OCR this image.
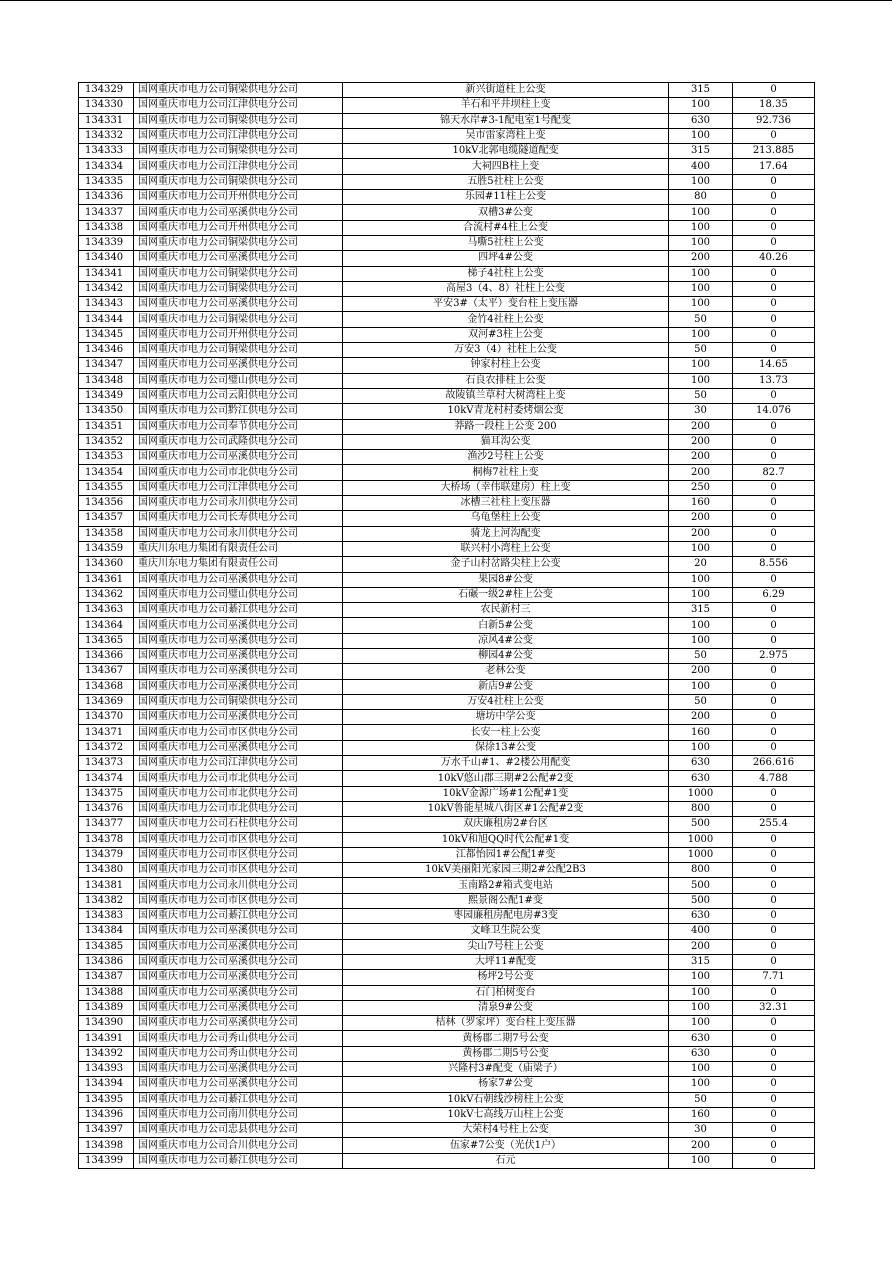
134329	国网重庆市电力公司铜梁供电分公司	新兴街道柱上公变	315	0
134330	国网重庆市电力公司江津供电分公司	羊石和平井坝柱上变	100	18.35
134331	国网重庆市电力公司铜梁供电分公司	锦天水岸#3-1配电室1号配变	630	92.736
134332	国网重庆市电力公司江津供电分公司	吴市雷家湾柱上变	100	0
134333	国网重庆市电力公司铜梁供电分公司	10kV北郭电缆隧道配变	315	213.885
134334	国网重庆市电力公司江津供电分公司	大祠四B柱上变	400	17.64
134335	国网重庆市电力公司铜梁供电分公司	五胜5社柱上公变	100	0
134336	国网重庆市电力公司开州供电分公司	乐园#11柱上公变	80	0
134337	国网重庆市电力公司巫溪供电分公司	双槽3#公变	100	0
134338	国网重庆市电力公司开州供电分公司	合流村#4柱上公变	100	0
134339	国网重庆市电力公司铜梁供电分公司	马嘶5社柱上公变	100	0
134340	国网重庆市电力公司巫溪供电分公司	四坪4#公变	200	40.26
134341	国网重庆市电力公司铜梁供电分公司	梯子4社柱上公变	100	0
134342	国网重庆市电力公司铜梁供电分公司	高屋3（4、8）社柱上公变	100	0
134343	国网重庆市电力公司巫溪供电分公司	平安3#（太平）变台柱上变压器	100	0
134344	国网重庆市电力公司铜梁供电分公司	金竹4社柱上公变	50	0
134345	国网重庆市电力公司开州供电分公司	双河#3柱上公变	100	0
134346	国网重庆市电力公司铜梁供电分公司	万安3（4）社柱上公变	50	0
134347	国网重庆市电力公司巫溪供电分公司	钟家村柱上公变	100	14.65
134348	国网重庆市电力公司璧山供电分公司	石良农排柱上公变	100	13.73
134349	国网重庆市电力公司云阳供电分公司	故陵镇兰草村大树湾柱上变	50	0
134350	国网重庆市电力公司黔江供电分公司	10kV青龙村村委烤烟公变	30	14.076
134351	国网重庆市电力公司奉节供电分公司	莽路一段柱上公变 200	200	0
134352	国网重庆市电力公司武隆供电分公司	猫耳沟公变	200	0
134353	国网重庆市电力公司巫溪供电分公司	渔沙2号柱上公变	200	0
134354	国网重庆市电力公司市北供电分公司	桐梅7社柱上变	200	82.7
134355	国网重庆市电力公司江津供电分公司	大桥场（幸伟联建房）柱上变	250	0
134356	国网重庆市电力公司永川供电分公司	冰槽三社柱上变压器	160	0
134357	国网重庆市电力公司长寿供电分公司	乌龟堡柱上公变	200	0
134358	国网重庆市电力公司永川供电分公司	骑龙上河沟配变	200	0
134359	重庆川东电力集团有限责任公司	联兴村小湾柱上公变	100	0
134360	重庆川东电力集团有限责任公司	金子山村岔路尖柱上公变	20	8.556
134361	国网重庆市电力公司巫溪供电分公司	果园8#公变	100	0
134362	国网重庆市电力公司璧山供电分公司	石碾一级2#柱上公变	100	6.29
134363	国网重庆市电力公司綦江供电分公司	农民新村三	315	0
134364	国网重庆市电力公司巫溪供电分公司	白新5#公变	100	0
134365	国网重庆市电力公司巫溪供电分公司	凉风4#公变	100	0
134366	国网重庆市电力公司巫溪供电分公司	柳园4#公变	50	2.975
134367	国网重庆市电力公司巫溪供电分公司	老林公变	200	0
134368	国网重庆市电力公司巫溪供电分公司	新店9#公变	100	0
134369	国网重庆市电力公司铜梁供电分公司	万安4社柱上公变	50	0
134370	国网重庆市电力公司巫溪供电分公司	塘坊中学公变	200	0
134371	国网重庆市电力公司市区供电分公司	长安一柱上公变	160	0
134372	国网重庆市电力公司巫溪供电分公司	保徐13#公变	100	0
134373	国网重庆市电力公司江津供电分公司	万水千山#1、#2楼公用配变	630	266.616
134374	国网重庆市电力公司市北供电分公司	10kV悠山郡三期#2公配#2变	630	4.788
134375	国网重庆市电力公司市北供电分公司	10kV金源广场#1公配#1变	1000	0
134376	国网重庆市电力公司市北供电分公司	10kV鲁能星城八街区#1公配#2变	800	0
134377	国网重庆市电力公司石柱供电分公司	双庆廉租房2#台区	500	255.4
134378	国网重庆市电力公司市区供电分公司	10kV和旭QQ时代公配#1变	1000	0
134379	国网重庆市电力公司市区供电分公司	江都怡园1#公配1#变	1000	0
134380	国网重庆市电力公司市区供电分公司	10kV美丽阳光家园三期2#公配2B3	800	0
134381	国网重庆市电力公司永川供电分公司	玉南路2#箱式变电站	500	0
134382	国网重庆市电力公司市区供电分公司	熙景阁公配1#变	500	0
134383	国网重庆市电力公司綦江供电分公司	枣园廉租房配电房#3变	630	0
134384	国网重庆市电力公司巫溪供电分公司	文峰卫生院公变	400	0
134385	国网重庆市电力公司巫溪供电分公司	尖山7号柱上公变	200	0
134386	国网重庆市电力公司巫溪供电分公司	大坪11#配变	315	0
134387	国网重庆市电力公司巫溪供电分公司	杨坪2号公变	100	7.71
134388	国网重庆市电力公司巫溪供电分公司	石门柏树变台	100	0
134389	国网重庆市电力公司巫溪供电分公司	清泉9#公变	100	32.31
134390	国网重庆市电力公司巫溪供电分公司	桔林（罗家坪）变台柱上变压器	100	0
134391	国网重庆市电力公司秀山供电分公司	黄杨郡二期7号公变	630	0
134392	国网重庆市电力公司秀山供电分公司	黄杨郡二期5号公变	630	0
134393	国网重庆市电力公司巫溪供电分公司	兴隆村3#配变（庙梁子）	100	0
134394	国网重庆市电力公司巫溪供电分公司	杨家7#公变	100	0
134395	国网重庆市电力公司綦江供电分公司	10kV石朝线沙榜柱上公变	50	0
134396	国网重庆市电力公司南川供电分公司	10kV七高线万山柱上公变	160	0
134397	国网重庆市电力公司忠县供电分公司	大荣村4号柱上公变	30	0
134398	国网重庆市电力公司合川供电分公司	伍家#7公变（光伏1户）	200	0
134399	国网重庆市电力公司綦江供电分公司	石元	100	0
